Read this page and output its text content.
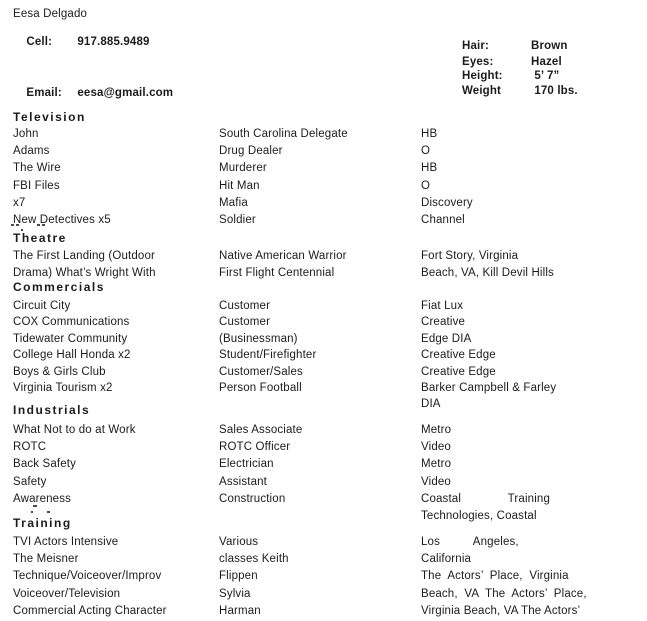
Eesa Delgado

Cell: 917.885.9489

Email: eesa@gmail.com

Hair:	Brown
Eyes:	Hazel
Height: 5’ 7”
Weight	170 lbs.
Television
John	South Carolina Delegate	HB
Adams	Drug Dealer	O
The Wire	Murderer	HB
FBI Files	Hit Man	O
x7	Mafia	Discovery
New Detectives x5	Soldier	Channel
Theatre
The First Landing (Outdoor	Native American Warrior	Fort Story, Virginia
Drama) What’s Wright With	First Flight Centennial	Beach, VA, Kill Devil Hills
Commercials
Circuit City	Customer	Fiat Lux
COX Communications	Customer	Creative
Tidewater Community	(Businessman)	Edge DIA
College Hall Honda x2	Student/Firefighter	Creative Edge
Boys & Girls Club	Customer/Sales	Creative Edge
Virginia Tourism x2	Person Football	Barker Campbell & Farley
DIA
Industrials
What Not to do at Work	Sales Associate	Metro
ROTC	ROTC Officer	Video
Back Safety	Electrician	Metro
Safety	Assistant	Video
Awareness	Construction	Coastal              Training
Technologies, Coastal
Training
TVI Actors Intensive	Various	Los          Angeles,
The Meisner	classes Keith	California
Technique/Voiceover/Improv	Flippen	The  Actors’  Place,  Virginia
Voiceover/Television	Sylvia	Beach,  VA  The  Actors’  Place,
Commercial Acting Character	Harman	Virginia Beach, VA The Actors’
